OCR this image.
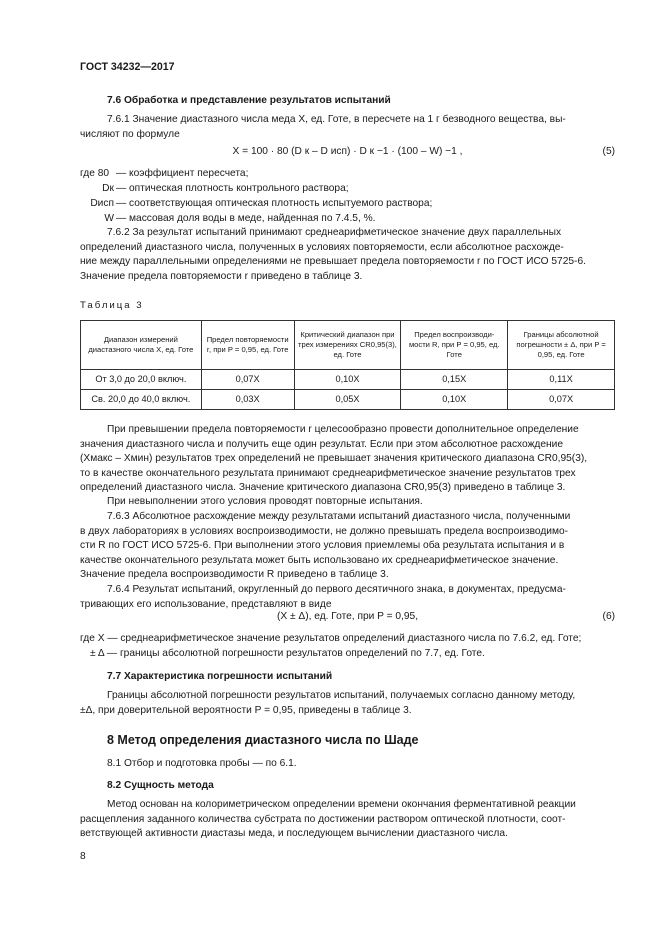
ГОСТ 34232—2017
7.6 Обработка и представление результатов испытаний
7.6.1 Значение диастазного числа меда X, ед. Готе, в пересчете на 1 г безводного вещества, вы-
числяют по формуле
X = 100 · 80 (D к – D исп) · D к −1 · (100 – W) −1 ,	(5)
где 80 — коэффициент пересчета;
Dк — оптическая плотность контрольного раствора;
Dисп — соответствующая оптическая плотность испытуемого раствора;
W — массовая доля воды в меде, найденная по 7.4.5, %.
7.6.2 За результат испытаний принимают среднеарифметическое значение двух параллельных
определений диастазного числа, полученных в условиях повторяемости, если абсолютное расхожде-
ние между параллельными определениями не превышает предела повторяемости r по ГОСТ ИСО 5725-6.
Значение предела повторяемости r приведено в таблице 3.
Таблица 3
Диапазон измерений диастазного числа X, ед. Готе	Предел повторяемости r, при P = 0,95, ед. Готе	Критический диапазон при трех измерениях CR0,95(3), ед. Готе	Предел воспроизводи-мости R, при P = 0,95, ед. Готе	Границы абсолютной погрешности ± Δ, при P = 0,95, ед. Готе
От 3,0 до 20,0 включ.	0,07X	0,10X	0,15X	0,11X
Св. 20,0 до 40,0 включ.	0,03X	0,05X	0,10X	0,07X
При превышении предела повторяемости r целесообразно провести дополнительное определение
значения диастазного числа и получить еще один результат. Если при этом абсолютное расхождение
(Xмакс – Xмин) результатов трех определений не превышает значения критического диапазона CR0,95(3),
то в качестве окончательного результата принимают среднеарифметическое значение результатов трех
определений диастазного числа. Значение критического диапазона CR0,95(3) приведено в таблице 3.
При невыполнении этого условия проводят повторные испытания.
7.6.3 Абсолютное расхождение между результатами испытаний диастазного числа, полученными
в двух лабораториях в условиях воспроизводимости, не должно превышать предела воспроизводимо-
сти R по ГОСТ ИСО 5725-6. При выполнении этого условия приемлемы оба результата испытания и в
качестве окончательного результата может быть использовано их среднеарифметическое значение.
Значение предела воспроизводимости R приведено в таблице 3.
7.6.4 Результат испытаний, округленный до первого десятичного знака, в документах, предусма-
тривающих его использование, представляют в виде
(X ± Δ), ед. Готе, при P = 0,95,	(6)
где X — среднеарифметическое значение результатов определений диастазного числа по 7.6.2, ед. Готе;
± Δ — границы абсолютной погрешности результатов определений по 7.7, ед. Готе.
7.7 Характеристика погрешности испытаний
Границы абсолютной погрешности результатов испытаний, получаемых согласно данному методу,
±Δ, при доверительной вероятности P = 0,95, приведены в таблице 3.
8 Метод определения диастазного числа по Шаде
8.1 Отбор и подготовка пробы — по 6.1.
8.2 Сущность метода
Метод основан на колориметрическом определении времени окончания ферментативной реакции
расщепления заданного количества субстрата по достижении раствором оптической плотности, соот-
ветствующей активности диастазы меда, и последующем вычислении диастазного числа.
8
